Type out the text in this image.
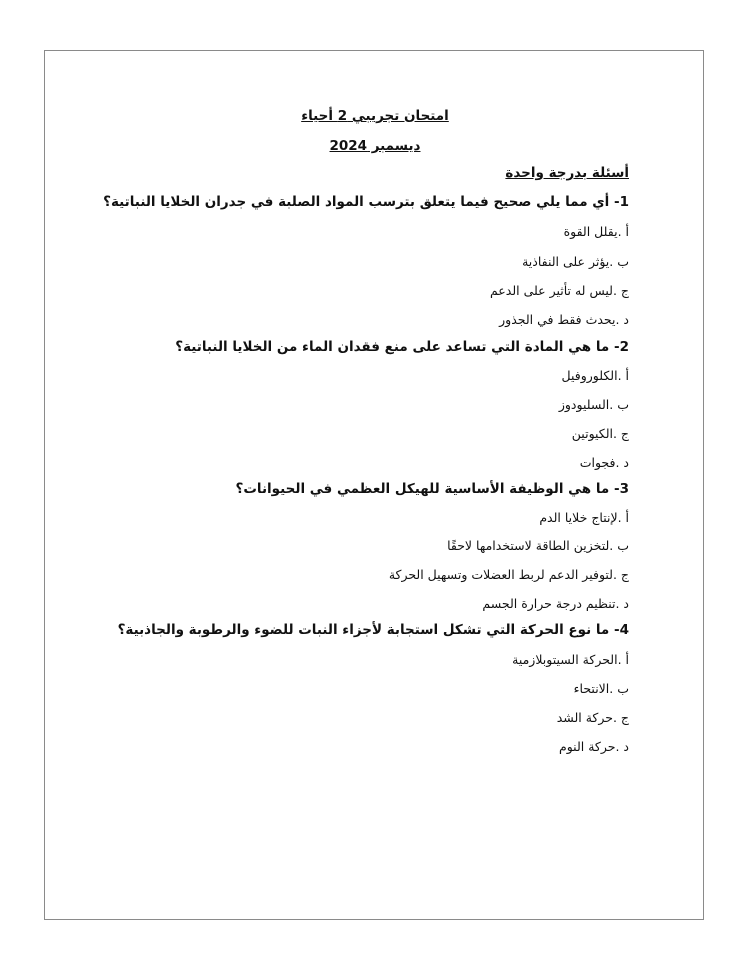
امتحان تجريبي 2 أحياء
ديسمبر 2024
أسئلة بدرجة واحدة
1- أي مما يلي صحيح فيما يتعلق بترسب المواد الصلبة في جدران الخلايا النباتية؟
أ .يقلل القوة
ب .يؤثر على النفاذية
ج .ليس له تأثير على الدعم
د .يحدث فقط في الجذور
2- ما هي المادة التي تساعد على منع فقدان الماء من الخلايا النباتية؟
أ .الكلوروفيل
ب .السليودوز
ج .الكيوتين
د .فجوات
3- ما هي الوظيفة الأساسية للهيكل العظمي في الحيوانات؟
أ .لإنتاج خلايا الدم
ب .لتخزين الطاقة لاستخدامها لاحقًا
ج .لتوفير الدعم لربط العضلات وتسهيل الحركة
د .تنظيم درجة حرارة الجسم
4- ما نوع الحركة التي تشكل استجابة لأجزاء النبات للضوء والرطوبة والجاذبية؟
أ .الحركة السيتوبلازمية
ب .الانتحاء
ج .حركة الشد
د .حركة النوم
